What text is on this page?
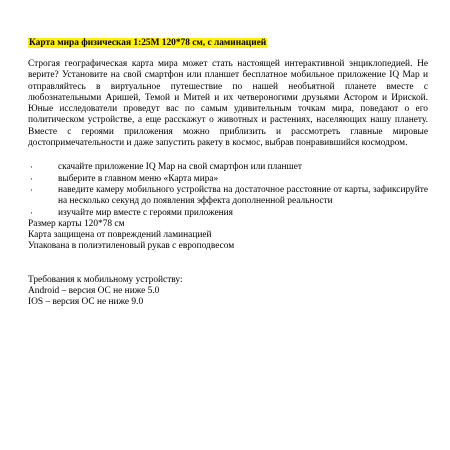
Карта мира физическая 1:25М 120*78 см, с ламинацией

Строгая географическая карта мира может стать настоящей интерактивной энциклопедией. Не верите? Установите на свой смартфон или планшет бесплатное мобильное приложение IQ Map и отправляйтесь в виртуальное путешествие по нашей необъятной планете вместе с любознательными Аришей, Темой и Митей и их четвероногими друзьями Астором и Ириской. Юные исследователи проведут вас по самым удивительным точкам мира, поведают о его политическом устройстве, а еще расскажут о животных и растениях, населяющих нашу планету. Вместе с героями приложения можно приблизить и рассмотреть главные мировые достопримечательности и даже запустить ракету в космос, выбрав понравившийся космодром.

·	скачайте приложение IQ Map на свой смартфон или планшет
·	выберите в главном меню «Карта мира»
·	наведите камеру мобильного устройства на достаточное расстояние от карты, зафиксируйте на несколько секунд до появления эффекта дополненной реальности
·	изучайте мир вместе с героями приложения

Размер карты 120*78 см

Карта защищена от повреждений ламинацией

Упакована в полиэтиленовый рукав с европодвесом

Требования к мобильному устройству:

Android – версия ОС не ниже 5.0

IOS – версия ОС не ниже 9.0
